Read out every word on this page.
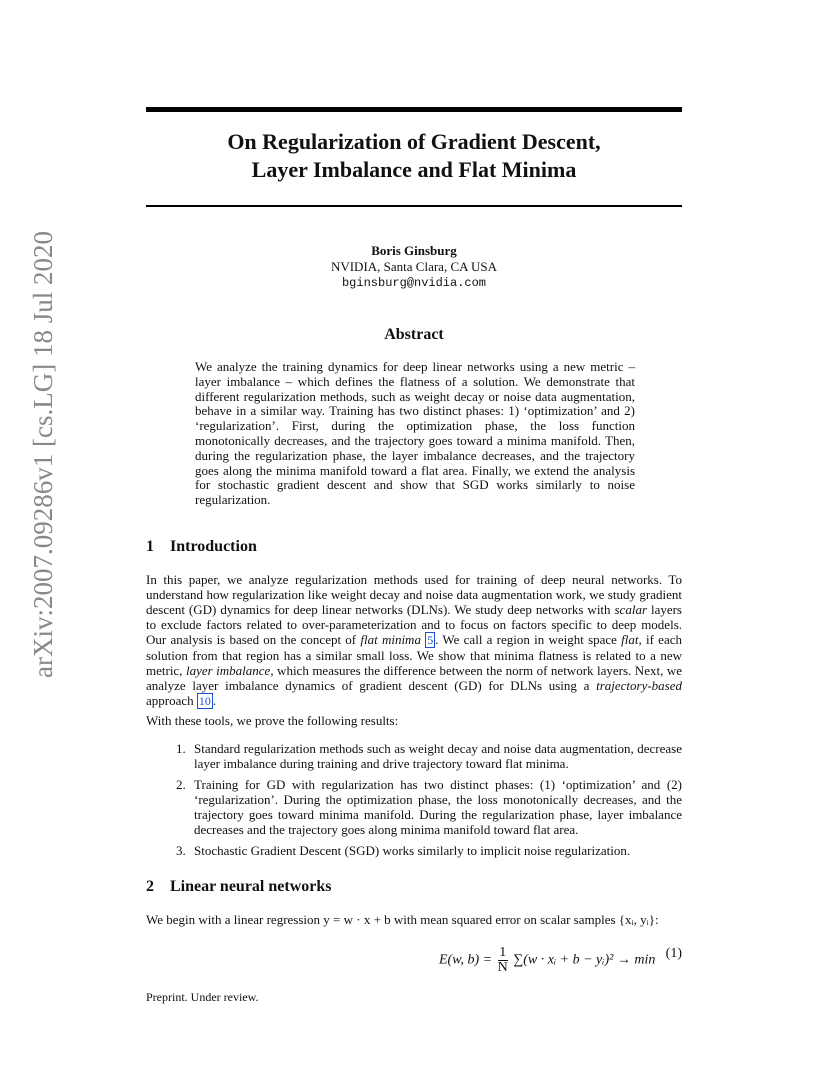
arXiv:2007.09286v1 [cs.LG] 18 Jul 2020
On Regularization of Gradient Descent,
Layer Imbalance and Flat Minima
Boris Ginsburg
NVIDIA, Santa Clara, CA USA
bginsburg@nvidia.com
Abstract
We analyze the training dynamics for deep linear networks using a new metric – layer imbalance – which defines the flatness of a solution. We demonstrate that different regularization methods, such as weight decay or noise data augmentation, behave in a similar way. Training has two distinct phases: 1) ‘optimization’ and 2) ‘regularization’. First, during the optimization phase, the loss function monotonically decreases, and the trajectory goes toward a minima manifold. Then, during the regularization phase, the layer imbalance decreases, and the trajectory goes along the minima manifold toward a flat area. Finally, we extend the analysis for stochastic gradient descent and show that SGD works similarly to noise regularization.
1 Introduction
In this paper, we analyze regularization methods used for training of deep neural networks. To understand how regularization like weight decay and noise data augmentation work, we study gradient descent (GD) dynamics for deep linear networks (DLNs). We study deep networks with scalar layers to exclude factors related to over-parameterization and to focus on factors specific to deep models. Our analysis is based on the concept of flat minima 5 . We call a region in weight space flat, if each solution from that region has a similar small loss. We show that minima flatness is related to a new metric, layer imbalance, which measures the difference between the norm of network layers. Next, we analyze layer imbalance dynamics of gradient descent (GD) for DLNs using a trajectory-based approach 10 .
With these tools, we prove the following results:
1. Standard regularization methods such as weight decay and noise data augmentation, decrease layer imbalance during training and drive trajectory toward flat minima.
2. Training for GD with regularization has two distinct phases: (1) ‘optimization’ and (2) ‘regularization’. During the optimization phase, the loss monotonically decreases, and the trajectory goes toward minima manifold. During the regularization phase, layer imbalance decreases and the trajectory goes along minima manifold toward flat area.
3. Stochastic Gradient Descent (SGD) works similarly to implicit noise regularization.
2 Linear neural networks
We begin with a linear regression y = w · x + b with mean squared error on scalar samples {xᵢ, yᵢ}:
E(w, $b) = \frac{1}{N} \sum(w$ · xᵢ + b − yᵢ)² → min (1)
Preprint. Under review.
